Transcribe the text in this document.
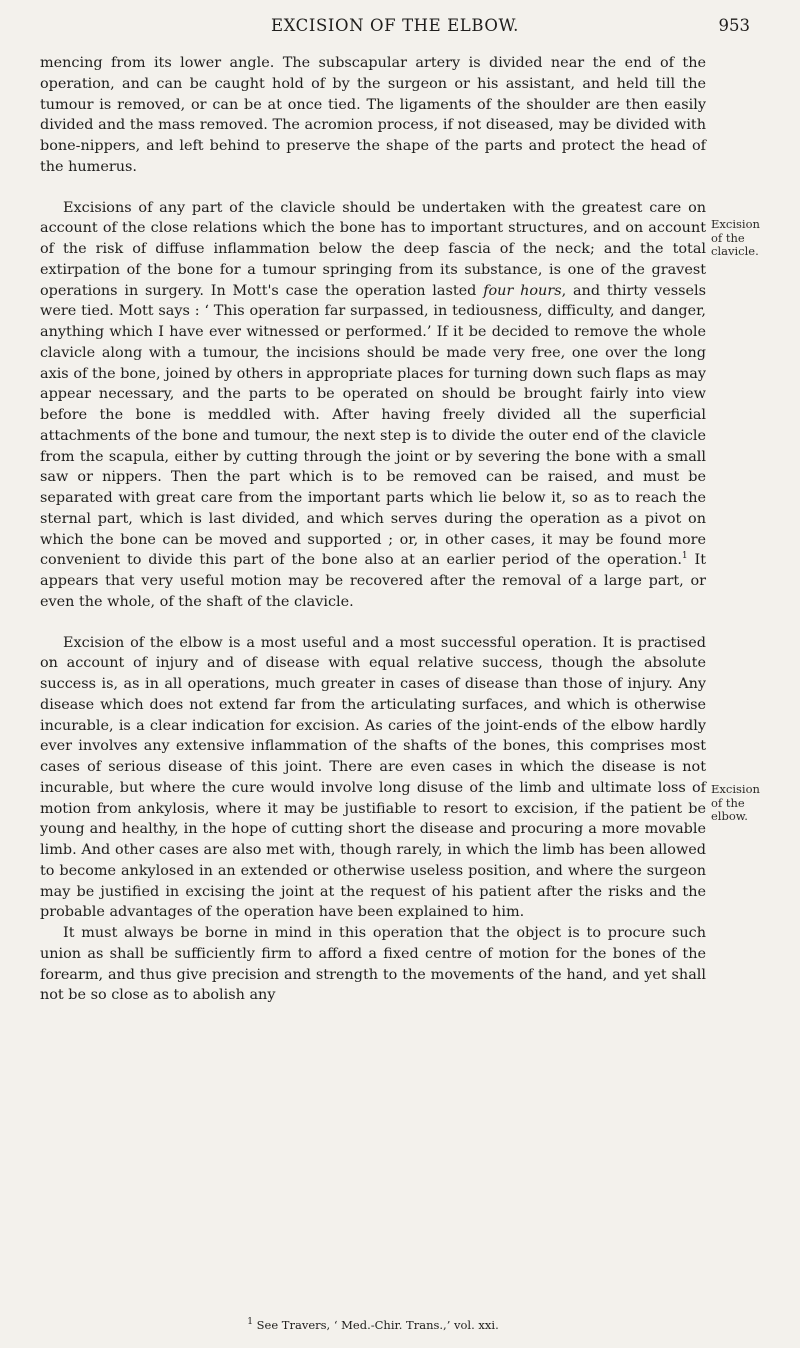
EXCISION OF THE ELBOW.	953

mencing from its lower angle. The subscapular artery is divided near the end of the operation, and can be caught hold of by the surgeon or his assistant, and held till the tumour is removed, or can be at once tied. The ligaments of the shoulder are then easily divided and the mass removed. The acromion process, if not diseased, may be divided with bone-nippers, and left behind to preserve the shape of the parts and protect the head of the humerus.

Excisions of any part of the clavicle should be undertaken with the greatest care on account of the close relations which the bone has to important structures, and on account of the risk of diffuse inflammation below the deep fascia of the neck; and the total extirpation of the bone for a tumour springing from its substance, is one of the gravest operations in surgery. In Mott's case the operation lasted four hours, and thirty vessels were tied. Mott says : ‘ This operation far surpassed, in tediousness, difficulty, and danger, anything which I have ever witnessed or performed.’ If it be decided to remove the whole clavicle along with a tumour, the incisions should be made very free, one over the long axis of the bone, joined by others in appropriate places for turning down such flaps as may appear necessary, and the parts to be operated on should be brought fairly into view before the bone is meddled with. After having freely divided all the superficial attachments of the bone and tumour, the next step is to divide the outer end of the clavicle from the scapula, either by cutting through the joint or by severing the bone with a small saw or nippers. Then the part which is to be removed can be raised, and must be separated with great care from the important parts which lie below it, so as to reach the sternal part, which is last divided, and which serves during the operation as a pivot on which the bone can be moved and supported ; or, in other cases, it may be found more convenient to divide this part of the bone also at an earlier period of the operation.$^1$ It appears that very useful motion may be recovered after the removal of a large part, or even the whole, of the shaft of the clavicle.

Excision of the elbow is a most useful and a most successful operation. It is practised on account of injury and of disease with equal relative success, though the absolute success is, as in all operations, much greater in cases of disease than those of injury. Any disease which does not extend far from the articulating surfaces, and which is otherwise incurable, is a clear indication for excision. As caries of the joint-ends of the elbow hardly ever involves any extensive inflammation of the shafts of the bones, this comprises most cases of serious disease of this joint. There are even cases in which the disease is not incurable, but where the cure would involve long disuse of the limb and ultimate loss of motion from ankylosis, where it may be justifiable to resort to excision, if the patient be young and healthy, in the hope of cutting short the disease and procuring a more movable limb. And other cases are also met with, though rarely, in which the limb has been allowed to become ankylosed in an extended or otherwise useless position, and where the surgeon may be justified in excising the joint at the request of his patient after the risks and the probable advantages of the operation have been explained to him.

It must always be borne in mind in this operation that the object is to procure such union as shall be sufficiently firm to afford a fixed centre of motion for the bones of the forearm, and thus give precision and strength to the movements of the hand, and yet shall not be so close as to abolish any

Excision
of the
clavicle.
Excision
of the
elbow.
$^1$ See Travers, ‘ Med.-Chir. Trans.,’ vol. xxi.
